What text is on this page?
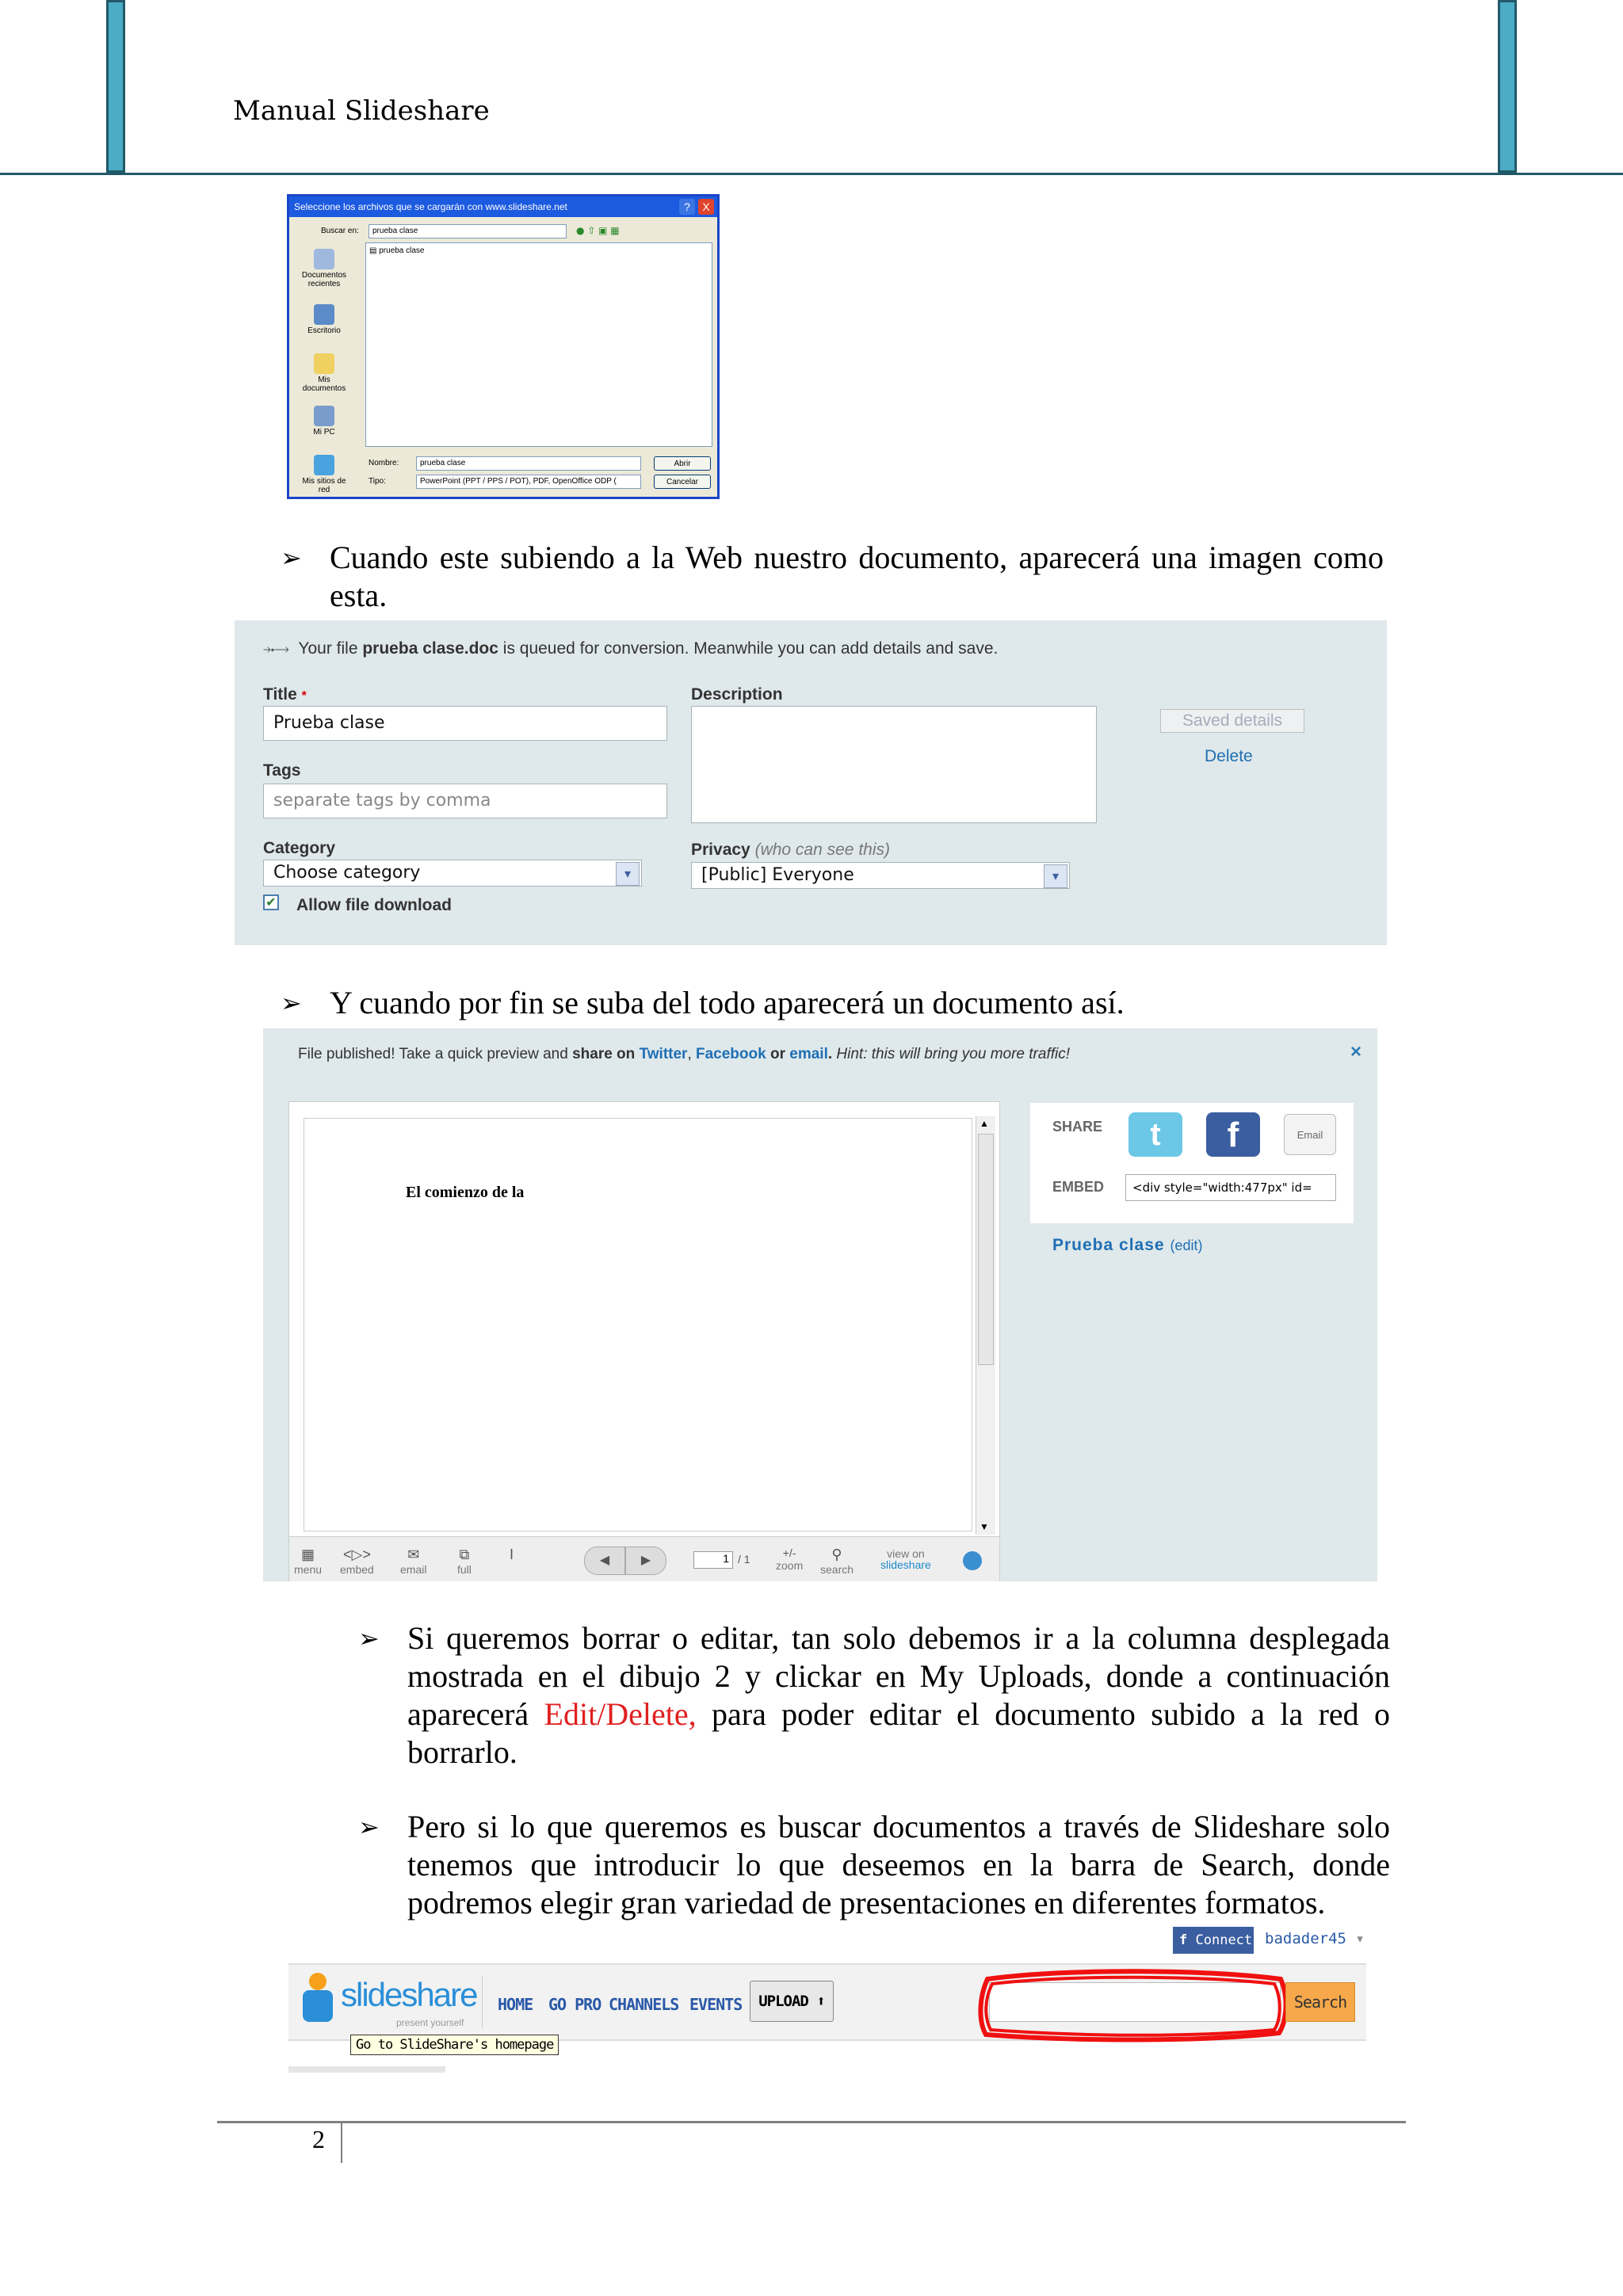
Manual Slideshare
Seleccione los archivos que se cargarán con www.slideshare.net	?	X
Buscar en:	prueba clase	● ⇧ ▣ ▦
Documentos recientes
Escritorio
Mis documentos
Mi PC
Mis sitios de red
▤ prueba clase
Nombre:	prueba clase
Tipo:	PowerPoint (PPT / PPS / POT), PDF, OpenOffice ODP (
Abrir
Cancelar
➢ Cuando este subiendo a la Web nuestro documento, aparecerá una imagen como esta.
⤞⟶ Your file prueba clase.doc is queued for conversion. Meanwhile you can add details and save.
Title *
Prueba clase
Tags
separate tags by comma
Category
Choose category	▾
✔ Allow file download
Description
Privacy (who can see this)
[Public] Everyone	▾
Saved details
Delete
➢ Y cuando por fin se suba del todo aparecerá un documento así.
File published! Take a quick preview and share on Twitter, Facebook or email. Hint: this will bring you more traffic!	×
El comienzo de la
▲
▼
▦
menu
<▷>
embed
✉
email
⧉
full
I	◀	▶	1 / 1	+/-
zoom
⚲
search
view on
slideshare
SHARE	t	f	Email
EMBED	<div style="width:477px" id=
Prueba clase (edit)
➢ Si queremos borrar o editar, tan solo debemos ir a la columna desplegada mostrada en el dibujo 2 y clickar en My Uploads, donde a continuación aparecerá Edit/Delete, para poder editar el documento subido a la red o borrarlo.
➢ Pero si lo que queremos es buscar documentos a través de Slideshare solo tenemos que introducir lo que deseemos en la barra de Search, donde podremos elegir gran variedad de presentaciones en diferentes formatos.
f Connect badader45 ▾
slideshare
present yourself
Go to SlideShare's homepage
HOME GO PRO CHANNELS EVENTS	UPLOAD ⬆	Search
2
